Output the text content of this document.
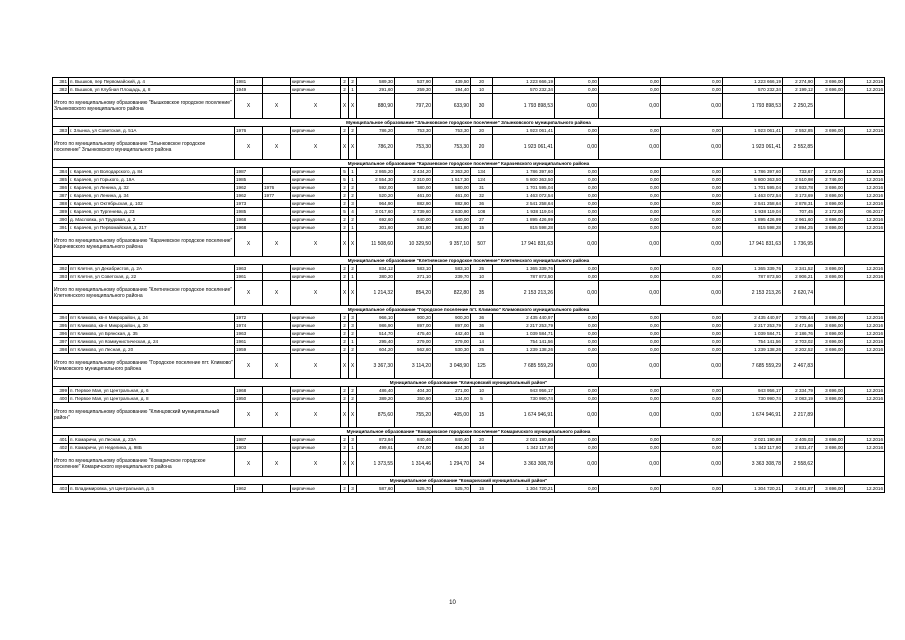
381	п. Вышков, пер Первомайский, д. 4	1981		кирпичные	2	2	589,30	537,90	439,50	20	1 223 666,19	0,00	0,00	0,00	1 223 666,19	2 274,90	3 696,00	12.2016
382	п. Вышков, ул Клубная Площадь, д. 8	1949		кирпичные	2	1	291,60	259,30	194,40	10	570 232,34	0,00	0,00	0,00	570 232,34	2 199,12	3 696,00	12.2016
Итого по муниципальному образованию "Вышковское городское поселение" Злынковского муниципального района		X	X	X	X	X	880,90	797,20	633,90	30	1 793 898,53	0,00	0,00	0,00	1 793 898,53	2 250,25		
Муниципальное образование "Злынковское городское поселение" Злынковского муниципального района																		
383	г. Злынка, ул Советская, д. 51А	1976		кирпичные	2	2	786,20	753,30	753,30	20	1 923 061,41	0,00	0,00	0,00	1 923 061,41	2 552,85	3 696,00	12.2016
Итого по муниципальному образованию "Злынковское городское поселение" Злынковского муниципального района		X	X	X	X	X	786,20	753,30	753,30	20	1 923 061,41	0,00	0,00	0,00	1 923 061,41	2 552,85		
Муниципальное образование "Карачевское городское поселение" Карачевского муниципального района																		
384	г. Карачев, ул Володарского, д. 84	1987		кирпичные	5	1	2 865,20	2 434,20	2 363,20	134	1 786 397,60	0,00	0,00	0,00	1 786 397,60	733,67	2 172,00	12.2016
385	г. Карачев, ул Горького, д. 19А	1985		кирпичные	5	1	2 554,30	2 310,00	1 517,30	124	5 800 363,50	0,00	0,00	0,00	5 800 363,50	2 510,98	2 746,00	12.2016
386	г. Карачев, ул Ленина, д. 32	1962	1976	кирпичные	2	2	592,00	580,00	580,00	31	1 701 595,04	0,00	0,00	0,00	1 701 595,04	2 933,78	3 696,00	12.2016
387	г. Карачев, ул Ленина, д. 34	1962	1977	кирпичные	2	2	520,20	461,00	461,00	32	1 463 072,54	0,00	0,00	0,00	1 463 072,54	3 173,69	3 696,00	12.2016
388	г. Карачев, ул Октябрьская, д. 102	1973		кирпичные	2	3	964,90	882,90	882,90	36	2 541 258,64	0,00	0,00	0,00	2 541 258,64	2 878,31	3 696,00	12.2016
389	г. Карачев, ул Тургенева, д. 23	1985		кирпичные	5	4	3 017,60	2 739,60	2 630,90	108	1 938 119,04	0,00	0,00	0,00	1 938 119,04	707,45	2 172,00	06.2017
390	д. Масловка, ул Трудовая, д. 2	1968		кирпичные	2	2	692,60	640,00	640,00	27	1 895 426,99	0,00	0,00	0,00	1 895 426,99	2 961,60	3 696,00	12.2016
391	г. Карачев, ул Первомайская, д. 217	1968		кирпичные	2	1	301,60	281,80	281,80	15	815 598,28	0,00	0,00	0,00	815 598,28	2 894,25	3 696,00	12.2016
Итого по муниципальному образованию "Карачевское городское поселение" Карачевского муниципального района		X	X	X	X	X	11 508,60	10 329,50	9 357,10	507	17 941 831,63	0,00	0,00	0,00	17 941 831,63	1 736,95		
Муниципальное образование "Клетнянское городское поселение" Клетнянского муниципального района																		
392	пгт Клетня, ул Декабристов, д. 2А	1963		кирпичные	2	2	834,12	583,10	583,10	25	1 365 339,76	0,00	0,00	0,00	1 365 339,76	2 341,52	3 696,00	12.2016
393	пгт Клетня, ул Советская, д. 22	1961		кирпичные	2	1	380,20	271,10	239,70	10	787 873,50	0,00	0,00	0,00	787 873,50	2 906,21	3 696,00	12.2016
Итого по муниципальному образованию "Клетнянское городское поселение" Клетнянского муниципального района		X	X	X	X	X	1 214,32	854,20	822,80	35	2 153 213,26	0,00	0,00	0,00	2 153 213,26	2 620,74		
Муниципальное образование "Городское поселение пгт. Климово" Климовского муниципального района																		
394	пгт Климово, кв-л Микрорайон, д. 24	1972		кирпичные	2	3	966,10	900,20	900,20	36	2 435 440,97	0,00	0,00	0,00	2 435 440,97	2 705,44	3 696,00	12.2016
395	пгт Климово, кв-л Микрорайон, д. 30	1974		кирпичные	2	3	986,90	897,00	897,00	36	2 217 253,79	0,00	0,00	0,00	2 217 253,79	2 471,86	3 696,00	12.2016
396	пгт Климово, ул Брянская, д. 35	1963		кирпичные	2	2	514,70	475,40	442,40	15	1 039 584,71	0,00	0,00	0,00	1 039 584,71	2 186,76	3 696,00	12.2016
397	пгт Климово, ул Коммунистическая, д. 24	1961		кирпичные	2	1	295,40	279,00	279,00	14	754 141,56	0,00	0,00	0,00	754 141,56	2 703,02	3 696,00	12.2016
398	пгт Климово, ул Лесная, д. 20	1959		кирпичные	2	2	604,20	562,60	530,30	25	1 239 138,26	0,00	0,00	0,00	1 239 138,26	2 202,52	3 696,00	12.2016
Итого по муниципальному образованию "Городское поселение пгт. Климово" Климовского муниципального района		X	X	X	X	X	3 367,30	3 114,20	3 048,90	125	7 685 559,29	0,00	0,00	0,00	7 685 559,29	2 467,83		
Муниципальное образование "Клинцовский муниципальный район"																		
399	п. Первое Мая, ул Центральная, д. 6	1968		кирпичные	2	2	486,40	404,30	271,00	10	943 956,17	0,00	0,00	0,00	943 956,17	2 334,79	3 696,00	12.2016
400	п. Первое Мая, ул Центральная, д. 8	1950		кирпичные	2	2	389,20	350,90	134,00	5	730 990,74	0,00	0,00	0,00	730 990,74	2 083,19	3 696,00	12.2016
Итого по муниципальному образованию "Клинцовский муниципальный район"		X	X	X	X	X	875,60	755,20	405,00	15	1 674 946,91	0,00	0,00	0,00	1 674 946,91	2 217,89		
Муниципальное образование "Комаричское городское поселение" Комаричского муниципального района																		
401	п. Комаричи, ул Лесная, д. 23А	1987		кирпичные	2	3	873,94	840,46	840,40	20	2 021 190,88	0,00	0,00	0,00	2 021 190,88	2 405,03	3 696,00	12.2016
402	п. Комаричи, ул Неделина, д. 98Б	1903		кирпичные	2	1	499,61	474,00	454,30	14	1 342 117,90	0,00	0,00	0,00	1 342 117,90	2 831,47	3 696,00	12.2016
Итого по муниципальному образованию "Комаричское городское поселение" Комаричского муниципального района		X	X	X	X	X	1 373,55	1 314,46	1 294,70	34	3 363 308,78	0,00	0,00	0,00	3 363 308,78	2 558,62		
Муниципальное образование "Комаричский муниципальный район"																		
403	п. Владимировка, ул Центральная, д. 5	1962		кирпичные	2	3	587,60	525,70	525,70	15	1 304 720,21	0,00	0,00	0,00	1 304 720,21	2 481,87	3 696,00	12.2016
10
